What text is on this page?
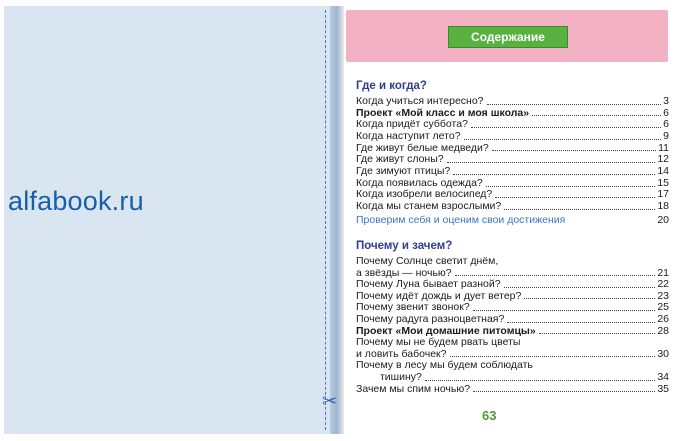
✂
alfabook.ru
Содержание
Где и когда?
Когда учиться интересно?	3
Проект «Мой класс и моя школа»	6
Когда придёт суббота?	6
Когда наступит лето?	9
Где живут белые медведи?	11
Где живут слоны?	12
Где зимуют птицы?	14
Когда появилась одежда?	15
Когда изобрели велосипед?	17
Когда мы станем взрослыми?	18
Проверим себя и оценим свои достижения	20
Почему и зачем?
Почему Солнце светит днём,
а звёзды — ночью?	21
Почему Луна бывает разной?	22
Почему идёт дождь и дует ветер?	23
Почему звенит звонок?	25
Почему радуга разноцветная?	26
Проект «Мои домашние питомцы»	28
Почему мы не будем рвать цветы
и ловить бабочек?	30
Почему в лесу мы будем соблюдать
тишину?	34
Зачем мы спим ночью?	35
63
